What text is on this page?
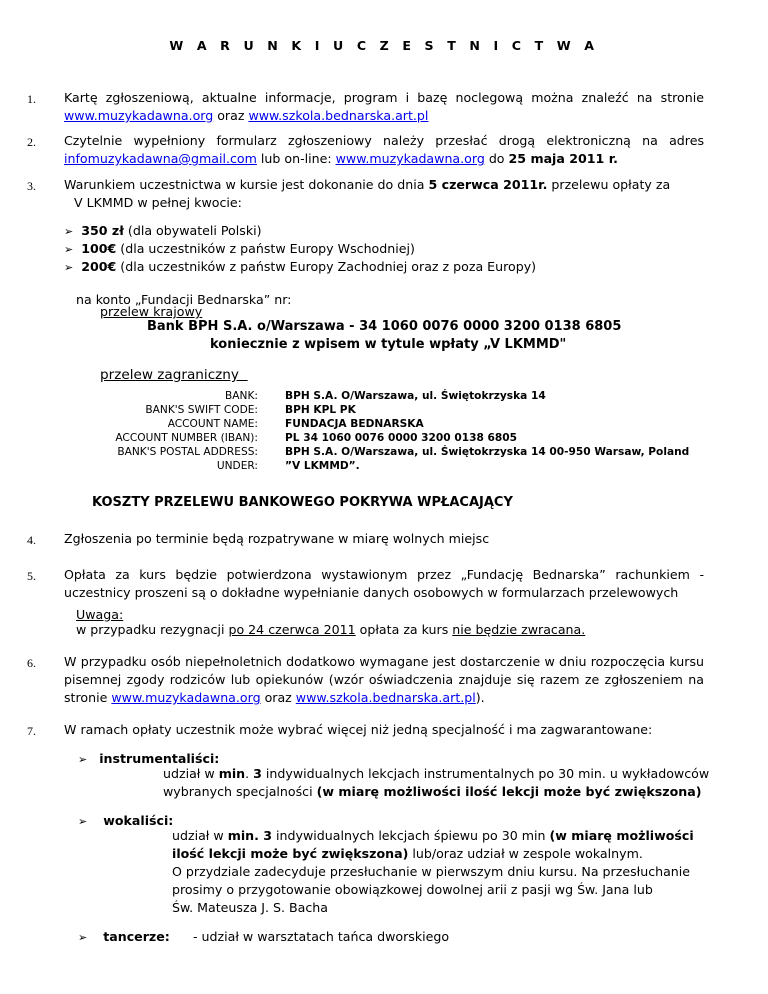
W A R U N K I U C Z E S T N I C T W A
1. Kartę zgłoszeniową, aktualne informacje, program i bazę noclegową można znaleźć na stronie
www.muzykadawna.org oraz www.szkola.bednarska.art.pl
2. Czytelnie wypełniony formularz zgłoszeniowy należy przesłać drogą elektroniczną na adres
infomuzykadawna@gmail.com lub on-line: www.muzykadawna.org do 25 maja 2011 r.
3. Warunkiem uczestnictwa w kursie jest dokonanie do dnia 5 czerwca 2011r. przelewu opłaty za
V LKMMD w pełnej kwocie:
➢ 350 zł (dla obywateli Polski)
➢ 100€ (dla uczestników z państw Europy Wschodniej)
➢ 200€ (dla uczestników z państw Europy Zachodniej oraz z poza Europy)
na konto „Fundacji Bednarska” nr:
przelew krajowy
Bank BPH S.A. o/Warszawa - 34 1060 0076 0000 3200 0138 6805
koniecznie z wpisem w tytule wpłaty „V LKMMD"
przelew zagraniczny
BANK:	BPH S.A. O/Warszawa, ul. Świętokrzyska 14
BANK'S SWIFT CODE:	BPH KPL PK
ACCOUNT NAME:	FUNDACJA BEDNARSKA
ACCOUNT NUMBER (IBAN):	PL 34 1060 0076 0000 3200 0138 6805
BANK'S POSTAL ADDRESS:	BPH S.A. O/Warszawa, ul. Świętokrzyska 14 00-950 Warsaw, Poland
UNDER:	”V LKMMD”.
KOSZTY PRZELEWU BANKOWEGO POKRYWA WPŁACAJĄCY
4. Zgłoszenia po terminie będą rozpatrywane w miarę wolnych miejsc
5. Opłata za kurs będzie potwierdzona wystawionym przez „Fundację Bednarska” rachunkiem -
uczestnicy proszeni są o dokładne wypełnianie danych osobowych w formularzach przelewowych
Uwaga:
w przypadku rezygnacji po 24 czerwca 2011 opłata za kurs nie będzie zwracana.
6. W przypadku osób niepełnoletnich dodatkowo wymagane jest dostarczenie w dniu rozpoczęcia kursu
pisemnej zgody rodziców lub opiekunów (wzór oświadczenia znajduje się razem ze zgłoszeniem na
stronie www.muzykadawna.org oraz www.szkola.bednarska.art.pl).
7. W ramach opłaty uczestnik może wybrać więcej niż jedną specjalność i ma zagwarantowane:
➢ instrumentaliści:
udział w min. 3 indywidualnych lekcjach instrumentalnych po 30 min. u wykładowców
wybranych specjalności (w miarę możliwości ilość lekcji może być zwiększona)
➢ wokaliści:
udział w min. 3 indywidualnych lekcjach śpiewu po 30 min (w miarę możliwości
ilość lekcji może być zwiększona) lub/oraz udział w zespole wokalnym.
O przydziale zadecyduje przesłuchanie w pierwszym dniu kursu. Na przesłuchanie
prosimy o przygotowanie obowiązkowej dowolnej arii z pasji wg Św. Jana lub
Św. Mateusza J. S. Bacha
➢ tancerze: - udział w warsztatach tańca dworskiego
